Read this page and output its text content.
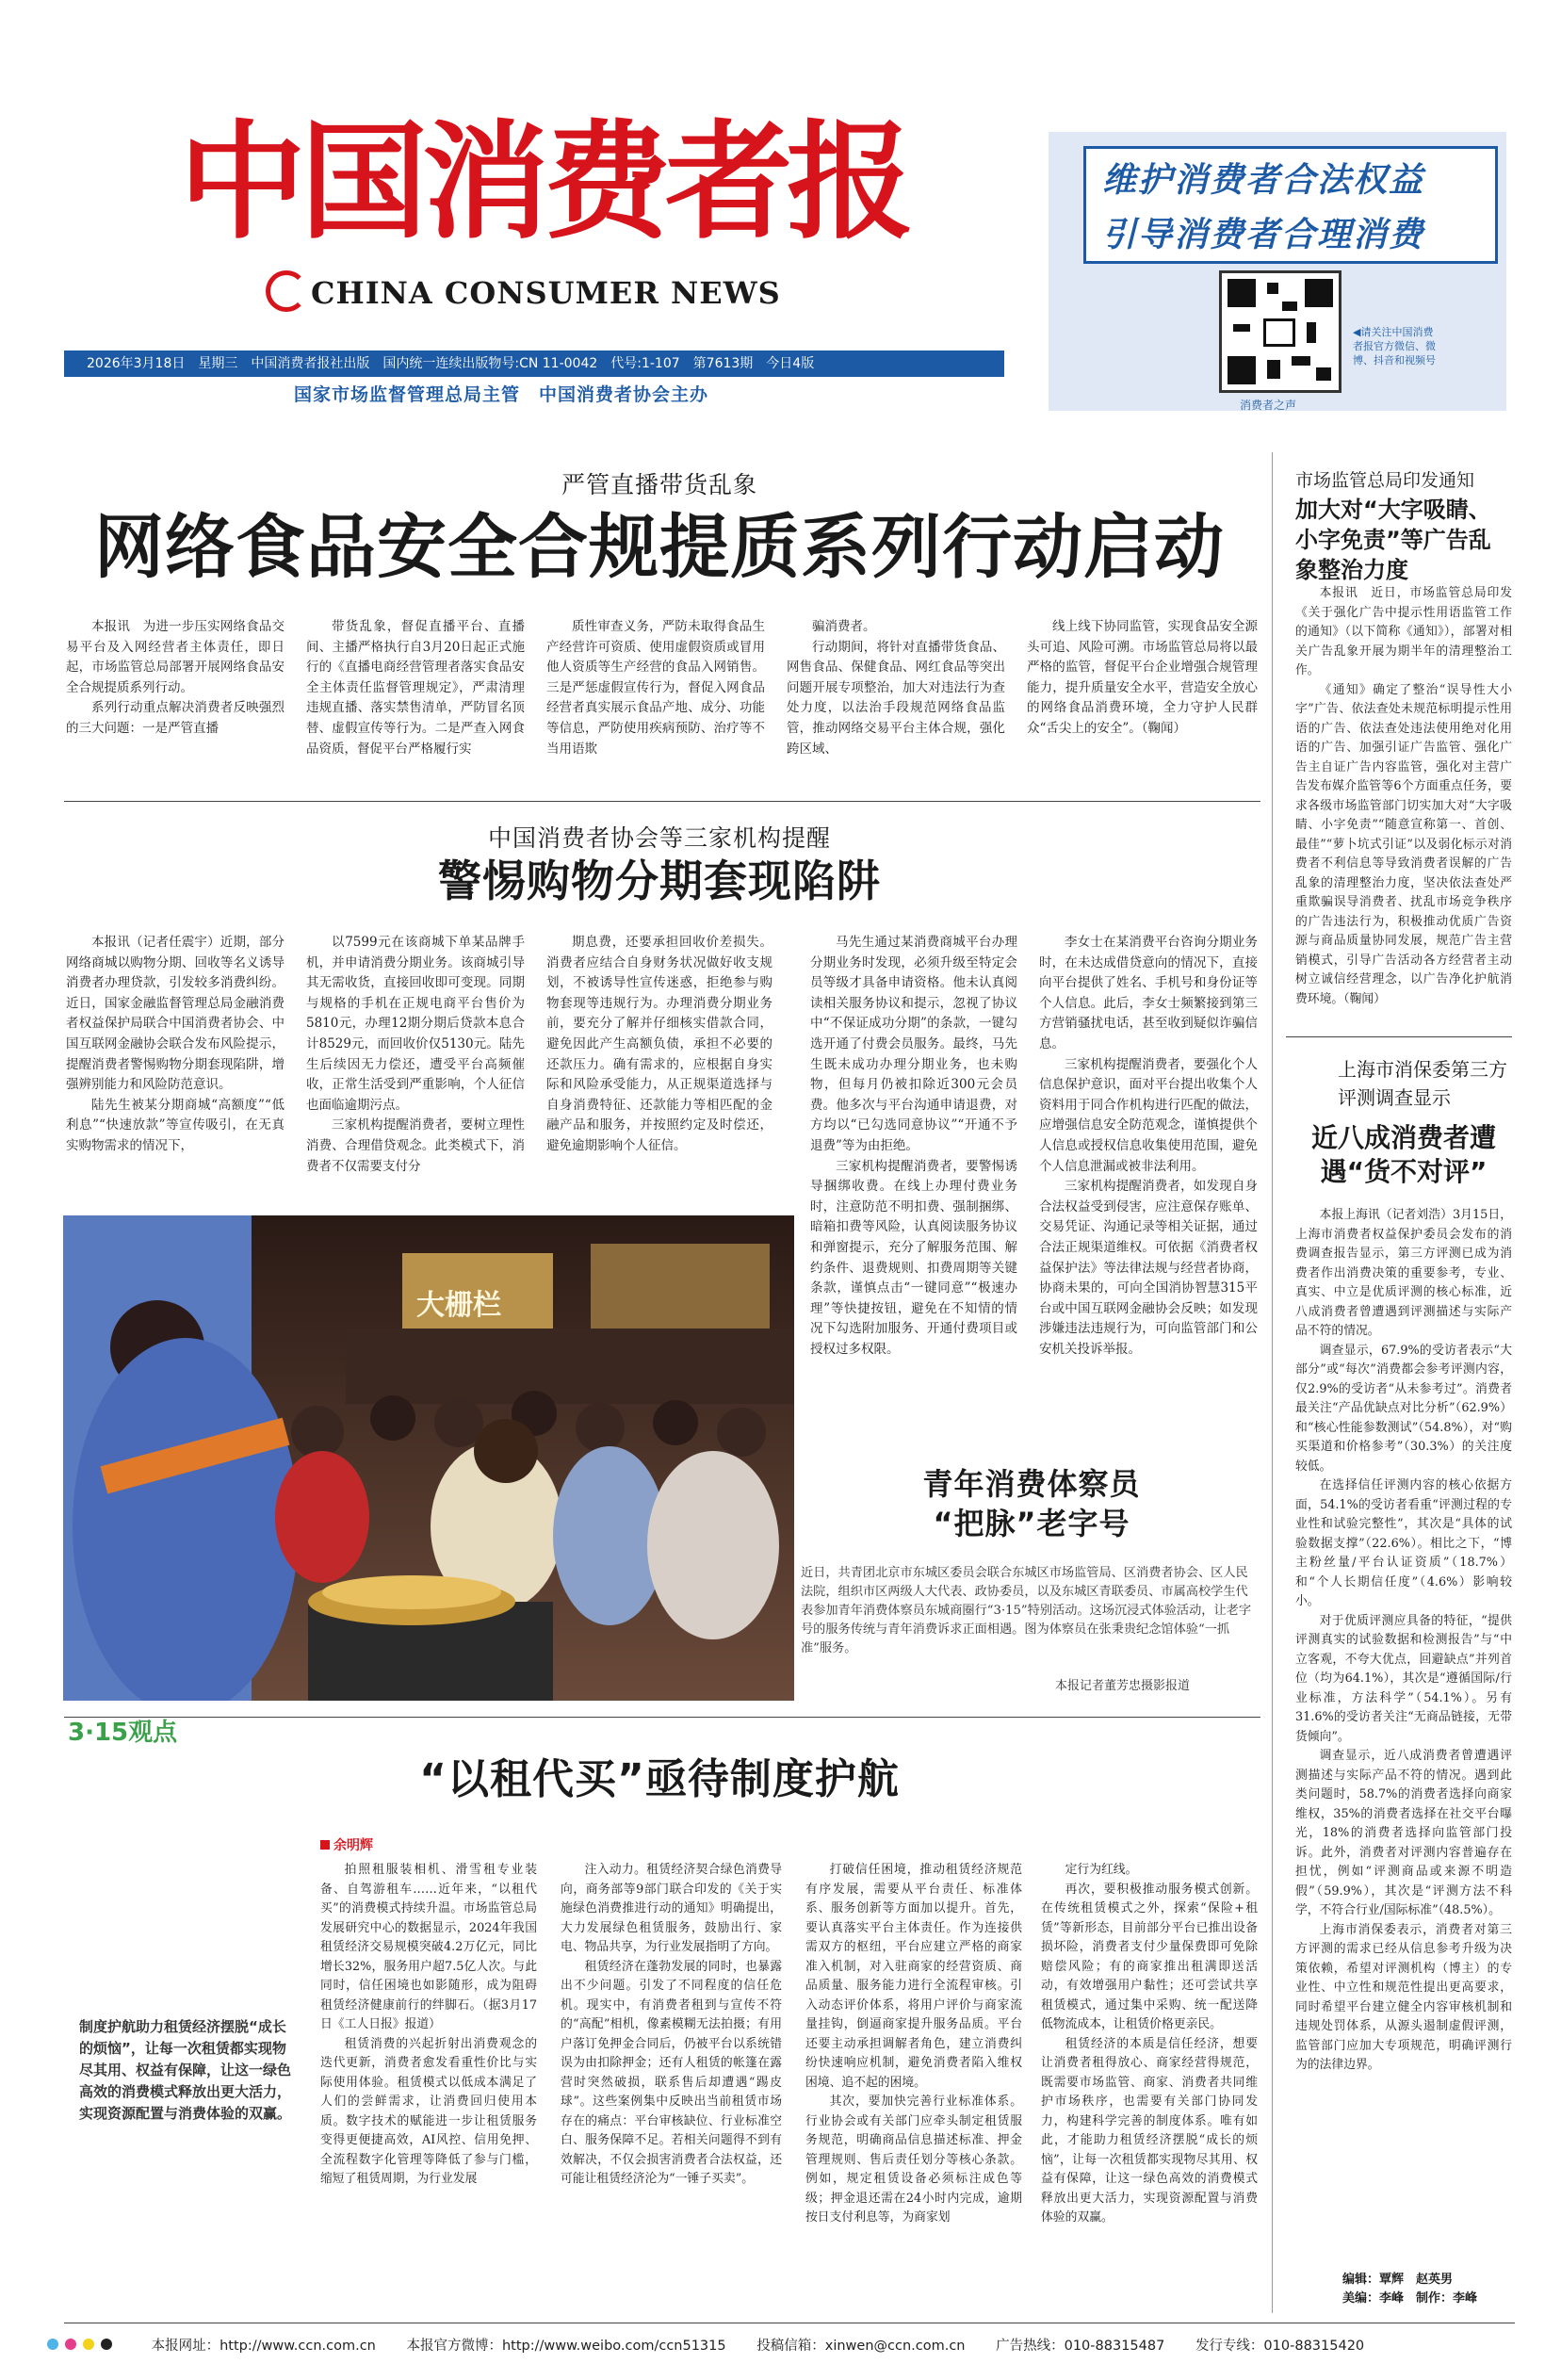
中国消费者报
CHINA CONSUMER NEWS
2026年3月18日　星期三　中国消费者报社出版　国内统一连续出版物号:CN 11-0042　代号:1-107　第7613期　今日4版
国家市场监督管理总局主管　中国消费者协会主办
维护消费者合法权益
引导消费者合理消费
◀请关注中国消费者报官方微信、微博、抖音和视频号
消费者之声
严管直播带货乱象
网络食品安全合规提质系列行动启动

本报讯　为进一步压实网络食品交易平台及入网经营者主体责任，即日起，市场监管总局部署开展网络食品安全合规提质系列行动。

系列行动重点解决消费者反映强烈的三大问题：一是严管直播

带货乱象，督促直播平台、直播间、主播严格执行自3月20日起正式施行的《直播电商经营管理者落实食品安全主体责任监督管理规定》，严肃清理违规直播、落实禁售清单，严防冒名顶替、虚假宣传等行为。二是严查入网食品资质，督促平台严格履行实

质性审查义务，严防未取得食品生产经营许可资质、使用虚假资质或冒用他人资质等生产经营的食品入网销售。三是严惩虚假宣传行为，督促入网食品经营者真实展示食品产地、成分、功能等信息，严防使用疾病预防、治疗等不当用语欺

骗消费者。

行动期间，将针对直播带货食品、网售食品、保健食品、网红食品等突出问题开展专项整治，加大对违法行为查处力度，以法治手段规范网络食品监管，推动网络交易平台主体合规，强化跨区域、

线上线下协同监管，实现食品安全源头可追、风险可溯。市场监管总局将以最严格的监管，督促平台企业增强合规管理能力，提升质量安全水平，营造安全放心的网络食品消费环境，全力守护人民群众“舌尖上的安全”。（鞠闻）

中国消费者协会等三家机构提醒
警惕购物分期套现陷阱

本报讯（记者任震宇）近期，部分网络商城以购物分期、回收等名义诱导消费者办理贷款，引发较多消费纠纷。近日，国家金融监督管理总局金融消费者权益保护局联合中国消费者协会、中国互联网金融协会联合发布风险提示，提醒消费者警惕购物分期套现陷阱，增强辨别能力和风险防范意识。

陆先生被某分期商城“高额度”“低利息”“快速放款”等宣传吸引，在无真实购物需求的情况下，

以7599元在该商城下单某品牌手机，并申请消费分期业务。该商城引导其无需收货，直接回收即可变现。同期与规格的手机在正规电商平台售价为5810元，办理12期分期后贷款本息合计8529元，而回收价仅5130元。陆先生后续因无力偿还，遭受平台高频催收，正常生活受到严重影响，个人征信也面临逾期污点。

三家机构提醒消费者，要树立理性消费、合理借贷观念。此类模式下，消费者不仅需要支付分

期息费，还要承担回收价差损失。消费者应结合自身财务状况做好收支规划，不被诱导性宣传迷惑，拒绝参与购物套现等违规行为。办理消费分期业务前，要充分了解并仔细核实借款合同，避免因此产生高额负债，承担不必要的还款压力。确有需求的，应根据自身实际和风险承受能力，从正规渠道选择与自身消费特征、还款能力等相匹配的金融产品和服务，并按照约定及时偿还，避免逾期影响个人征信。

马先生通过某消费商城平台办理分期业务时发现，必须升级至特定会员等级才具备申请资格。他未认真阅读相关服务协议和提示，忽视了协议中“不保证成功分期”的条款，一键勾选开通了付费会员服务。最终，马先生既未成功办理分期业务，也未购物，但每月仍被扣除近300元会员费。他多次与平台沟通申请退费，对方均以“已勾选同意协议”“开通不予退费”等为由拒绝。

三家机构提醒消费者，要警惕诱导捆绑收费。在线上办理付费业务时，注意防范不明扣费、强制捆绑、暗箱扣费等风险，认真阅读服务协议和弹窗提示，充分了解服务范围、解约条件、退费规则、扣费周期等关键条款，谨慎点击“一键同意”“极速办理”等快捷按钮，避免在不知情的情况下勾选附加服务、开通付费项目或授权过多权限。

李女士在某消费平台咨询分期业务时，在未达成借贷意向的情况下，直接向平台提供了姓名、手机号和身份证等个人信息。此后，李女士频繁接到第三方营销骚扰电话，甚至收到疑似诈骗信息。

三家机构提醒消费者，要强化个人信息保护意识，面对平台提出收集个人资料用于同合作机构进行匹配的做法，应增强信息安全防范观念，谨慎提供个人信息或授权信息收集使用范围，避免个人信息泄漏或被非法利用。

三家机构提醒消费者，如发现自身合法权益受到侵害，应注意保存账单、交易凭证、沟通记录等相关证据，通过合法正规渠道维权。可依据《消费者权益保护法》等法律法规与经营者协商，协商未果的，可向全国消协智慧315平台或中国互联网金融协会反映；如发现涉嫌违法违规行为，可向监管部门和公安机关投诉举报。

大栅栏
青年消费体察员
“把脉”老字号
近日，共青团北京市东城区委员会联合东城区市场监管局、区消费者协会、区人民法院，组织市区两级人大代表、政协委员，以及东城区青联委员、市属高校学生代表参加青年消费体察员东城商圈行“3·15”特别活动。这场沉浸式体验活动，让老字号的服务传统与青年消费诉求正面相遇。图为体察员在张秉贵纪念馆体验“一抓准”服务。
本报记者董芳忠摄影报道
3·15观点
“以租代买”亟待制度护航
余明辉
制度护航助力租赁经济摆脱“成长的烦恼”，让每一次租赁都实现物尽其用、权益有保障，让这一绿色高效的消费模式释放出更大活力，实现资源配置与消费体验的双赢。

拍照租服装相机、滑雪租专业装备、自驾游租车……近年来，“以租代买”的消费模式持续升温。市场监管总局发展研究中心的数据显示，2024年我国租赁经济交易规模突破4.2万亿元，同比增长32%，服务用户超7.5亿人次。与此同时，信任困境也如影随形，成为阻碍租赁经济健康前行的绊脚石。（据3月17日《工人日报》报道）

租赁消费的兴起折射出消费观念的迭代更新，消费者愈发看重性价比与实际使用体验。租赁模式以低成本满足了人们的尝鲜需求，让消费回归使用本质。数字技术的赋能进一步让租赁服务变得更便捷高效，AI风控、信用免押、全流程数字化管理等降低了参与门槛，缩短了租赁周期，为行业发展

注入动力。租赁经济契合绿色消费导向，商务部等9部门联合印发的《关于实施绿色消费推进行动的通知》明确提出，大力发展绿色租赁服务，鼓励出行、家电、物品共享，为行业发展指明了方向。

租赁经济在蓬勃发展的同时，也暴露出不少问题。引发了不同程度的信任危机。现实中，有消费者租到与宣传不符的“高配”相机，像素模糊无法拍摄；有用户落订免押金合同后，仍被平台以系统错误为由扣除押金；还有人租赁的帐篷在露营时突然破损，联系售后却遭遇“踢皮球”。这些案例集中反映出当前租赁市场存在的痛点：平台审核缺位、行业标准空白、服务保障不足。若相关问题得不到有效解决，不仅会损害消费者合法权益，还可能让租赁经济沦为“一锤子买卖”。

打破信任困境，推动租赁经济规范有序发展，需要从平台责任、标准体系、服务创新等方面加以提升。首先，要认真落实平台主体责任。作为连接供需双方的枢纽，平台应建立严格的商家准入机制，对入驻商家的经营资质、商品质量、服务能力进行全流程审核。引入动态评价体系，将用户评价与商家流量挂钩，倒逼商家提升服务品质。平台还要主动承担调解者角色，建立消费纠纷快速响应机制，避免消费者陷入维权困境、追不起的困境。

其次，要加快完善行业标准体系。行业协会或有关部门应牵头制定租赁服务规范，明确商品信息描述标准、押金管理规则、售后责任划分等核心条款。例如，规定租赁设备必须标注成色等级；押金退还需在24小时内完成，逾期按日支付利息等，为商家划

定行为红线。

再次，要积极推动服务模式创新。在传统租赁模式之外，探索“保险+租赁”等新形态，目前部分平台已推出设备损坏险，消费者支付少量保费即可免除赔偿风险；有的商家推出租满即送活动，有效增强用户黏性；还可尝试共享租赁模式，通过集中采购、统一配送降低物流成本，让租赁价格更亲民。

租赁经济的本质是信任经济，想要让消费者租得放心、商家经营得规范，既需要市场监管、商家、消费者共同维护市场秩序，也需要有关部门协同发力，构建科学完善的制度体系。唯有如此，才能助力租赁经济摆脱“成长的烦恼”，让每一次租赁都实现物尽其用、权益有保障，让这一绿色高效的消费模式释放出更大活力，实现资源配置与消费体验的双赢。

市场监管总局印发通知
加大对“大字吸睛、小字免责”等广告乱象整治力度

本报讯　近日，市场监管总局印发《关于强化广告中提示性用语监管工作的通知》（以下简称《通知》），部署对相关广告乱象开展为期半年的清理整治工作。

《通知》确定了整治“误导性大小字”广告、依法查处未规范标明提示性用语的广告、依法查处违法使用绝对化用语的广告、加强引证广告监管、强化广告主自证广告内容监管，强化对主营广告发布媒介监管等6个方面重点任务，要求各级市场监管部门切实加大对“大字吸睛、小字免责”“随意宣称第一、首创、最佳”“萝卜坑式引证”以及弱化标示对消费者不利信息等导致消费者误解的广告乱象的清理整治力度，坚决依法查处严重欺骗误导消费者、扰乱市场竞争秩序的广告违法行为，积极推动优质广告资源与商品质量协同发展，规范广告主营销模式，引导广告活动各方经营者主动树立诚信经营理念，以广告净化护航消费环境。（鞠闻）

上海市消保委第三方评测调查显示
近八成消费者遭遇“货不对评”

本报上海讯（记者刘浩）3月15日，上海市消费者权益保护委员会发布的消费调查报告显示，第三方评测已成为消费者作出消费决策的重要参考，专业、真实、中立是优质评测的核心标准，近八成消费者曾遭遇到评测描述与实际产品不符的情况。

调查显示，67.9%的受访者表示“大部分”或“每次”消费都会参考评测内容，仅2.9%的受访者“从未参考过”。消费者最关注“产品优缺点对比分析”（62.9%）和“核心性能参数测试”（54.8%），对“购买渠道和价格参考”（30.3%）的关注度较低。

在选择信任评测内容的核心依据方面，54.1%的受访者看重“评测过程的专业性和试验完整性”，其次是“具体的试验数据支撑”（22.6%）。相比之下，“博主粉丝量/平台认证资质”（18.7%）和“个人长期信任度”（4.6%）影响较小。

对于优质评测应具备的特征，“提供评测真实的试验数据和检测报告”与“中立客观，不夸大优点，回避缺点”并列首位（均为64.1%），其次是“遵循国际/行业标准，方法科学”（54.1%）。另有31.6%的受访者关注“无商品链接，无带货倾向”。

调查显示，近八成消费者曾遭遇评测描述与实际产品不符的情况。遇到此类问题时，58.7%的消费者选择向商家维权，35%的消费者选择在社交平台曝光，18%的消费者选择向监管部门投诉。此外，消费者对评测内容普遍存在担忧，例如“评测商品或来源不明造假”（59.9%），其次是“评测方法不科学，不符合行业/国际标准”（48.5%）。

上海市消保委表示，消费者对第三方评测的需求已经从信息参考升级为决策依赖，希望对评测机构（博主）的专业性、中立性和规范性提出更高要求，同时希望平台建立健全内容审核机制和违规处罚体系，从源头遏制虚假评测，监管部门应加大专项规范，明确评测行为的法律边界。

编辑：覃辉　赵英男
美编：李峰　制作：李峰
本报网址：http://www.ccn.com.cn 本报官方微博：http://www.weibo.com/ccn51315 投稿信箱：xinwen@ccn.com.cn 广告热线：010-88315487 发行专线：010-88315420
